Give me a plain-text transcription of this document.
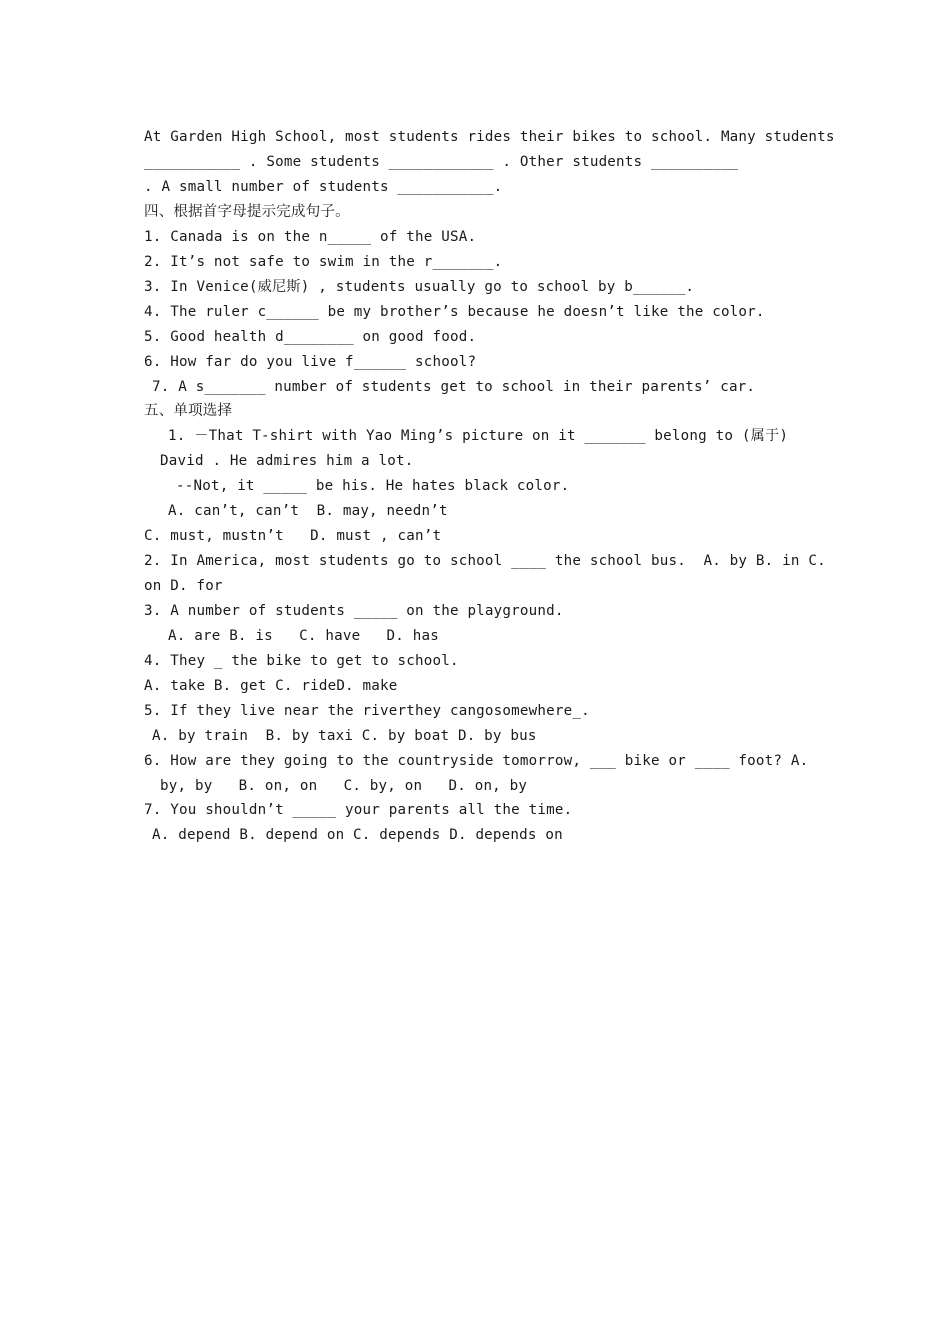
At Garden High School, most students rides their bikes to school. Many students
___________ . Some students ____________ . Other students __________
. A small number of students ___________.
四、根据首字母提示完成句子。
1. Canada is on the n_____ of the USA.
2. It’s not safe to swim in the r_______.
3. In Venice(威尼斯) , students usually go to school by b______.
4. The ruler c______ be my brother’s because he doesn’t like the color.
5. Good health d________ on good food.
6. How far do you live f______ school?
7. A s_______ number of students get to school in their parents’ car.
五、单项选择
1. －That T-shirt with Yao Ming’s picture on it _______ belong to (属于)
David . He admires him a lot.
--Not, it _____ be his. He hates black color.
A. can’t, can’t  B. may, needn’t
C. must, mustn’t   D. must , can’t
2. In America, most students go to school ____ the school bus.  A. by B. in C.
on D. for
3. A number of students _____ on the playground.
A. are B. is   C. have   D. has
4. They _ the bike to get to school.
A. take B. get C. rideD. make
5. If they live near the riverthey cangosomewhere_.
A. by train  B. by taxi C. by boat D. by bus
6. How are they going to the countryside tomorrow, ___ bike or ____ foot? A.
by, by   B. on, on   C. by, on   D. on, by
7. You shouldn’t _____ your parents all the time.
A. depend B. depend on C. depends D. depends on
